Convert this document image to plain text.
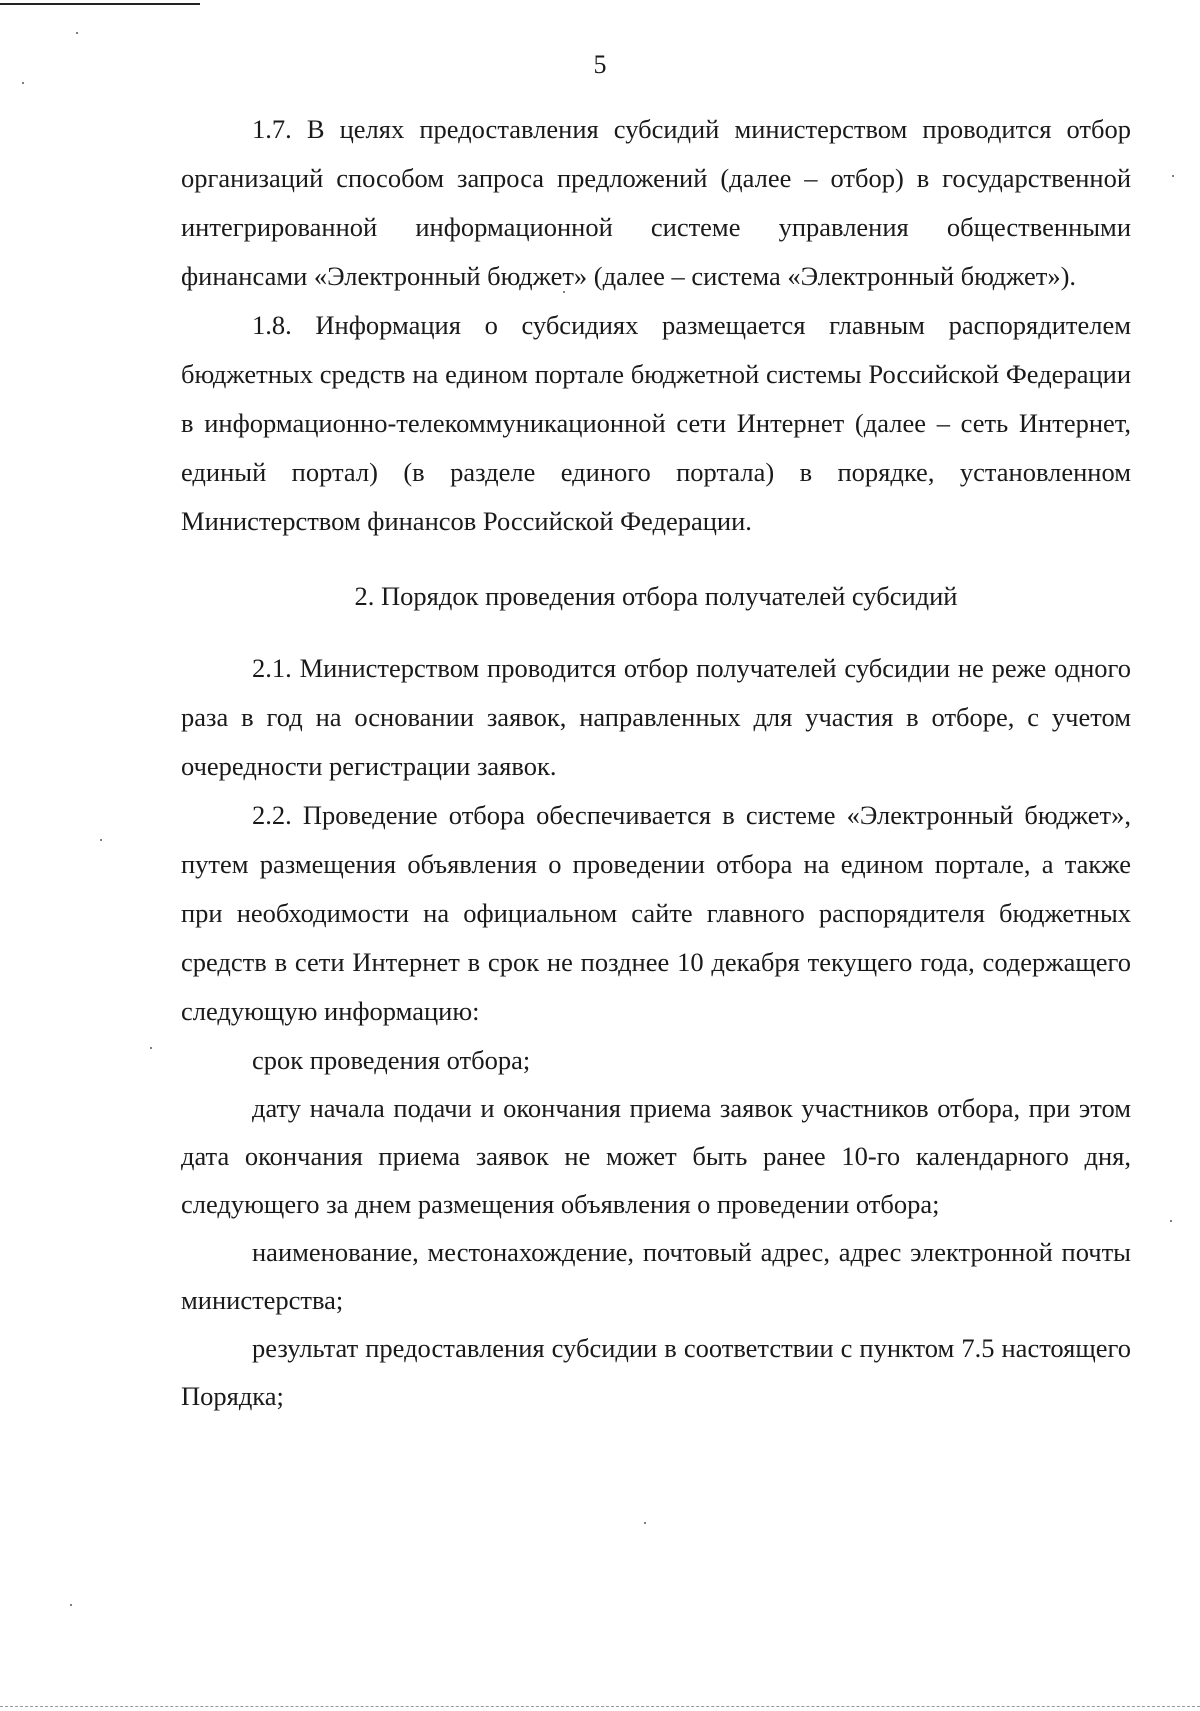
5

1.7. В целях предоставления субсидий министерством проводится отбор организаций способом запроса предложений (далее – отбор) в государственной интегрированной информационной системе управления общественными финансами «Электронный бюджет» (далее – система «Электронный бюджет»).

1.8. Информация о субсидиях размещается главным распорядителем бюджетных средств на едином портале бюджетной системы Российской Федерации в информационно-телекоммуникационной сети Интернет (далее – сеть Интернет, единый портал) (в разделе единого портала) в порядке, установленном Министерством финансов Российской Федерации.

2. Порядок проведения отбора получателей субсидий

2.1. Министерством проводится отбор получателей субсидии не реже одного раза в год на основании заявок, направленных для участия в отборе, с учетом очередности регистрации заявок.

2.2. Проведение отбора обеспечивается в системе «Электронный бюджет», путем размещения объявления о проведении отбора на едином портале, а также при необходимости на официальном сайте главного распорядителя бюджетных средств в сети Интернет в срок не позднее 10 декабря текущего года, содержащего следующую информацию:

срок проведения отбора;

дату начала подачи и окончания приема заявок участников отбора, при этом дата окончания приема заявок не может быть ранее 10-го календарного дня, следующего за днем размещения объявления о проведении отбора;

наименование, местонахождение, почтовый адрес, адрес электронной почты министерства;

результат предоставления субсидии в соответствии с пунктом 7.5 настоящего Порядка;
